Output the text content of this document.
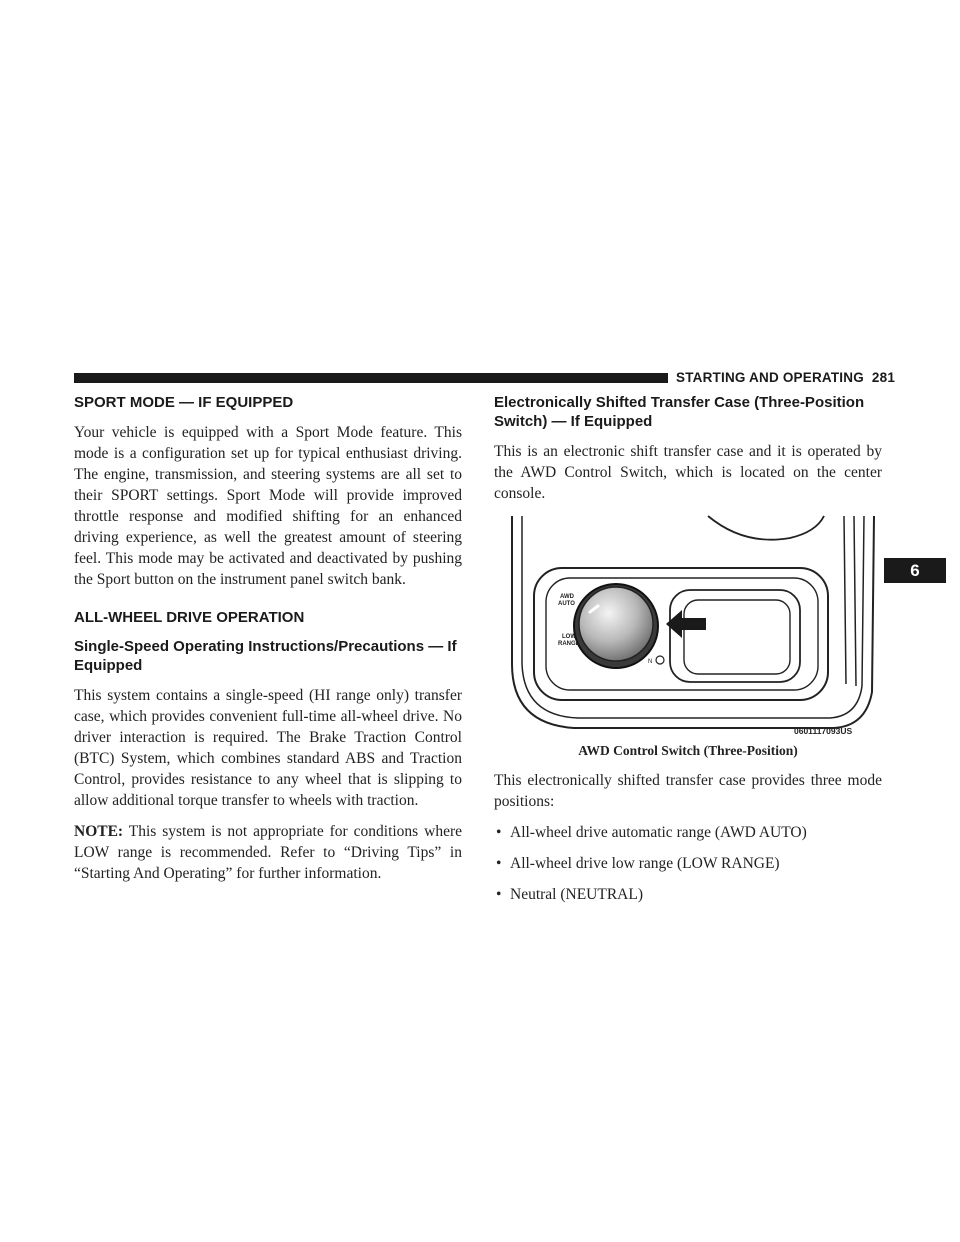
STARTING AND OPERATING 281
6
SPORT MODE — IF EQUIPPED

Your vehicle is equipped with a Sport Mode feature. This mode is a configuration set up for typical enthusiast driving. The engine, transmission, and steering systems are all set to their SPORT settings. Sport Mode will provide improved throttle response and modified shifting for an enhanced driving experience, as well the greatest amount of steering feel. This mode may be activated and deactivated by pushing the Sport button on the instrument panel switch bank.

ALL-WHEEL DRIVE OPERATION
Single-Speed Operating Instructions/Precautions — If Equipped

This system contains a single-speed (HI range only) transfer case, which provides convenient full-time all-wheel drive. No driver interaction is required. The Brake Traction Control (BTC) System, which combines standard ABS and Traction Control, provides resistance to any wheel that is slipping to allow additional torque transfer to wheels with traction.

NOTE: This system is not appropriate for conditions where LOW range is recommended. Refer to “Driving Tips” in “Starting And Operating” for further information.

Electronically Shifted Transfer Case (Three-Position Switch) — If Equipped

This is an electronic shift transfer case and it is operated by the AWD Control Switch, which is located on the center console.

AWD
AUTO
LOW
RANGE
N
0601117093US
AWD Control Switch (Three-Position)

This electronically shifted transfer case provides three mode positions:

• All-wheel drive automatic range (AWD AUTO)
• All-wheel drive low range (LOW RANGE)
• Neutral (NEUTRAL)
